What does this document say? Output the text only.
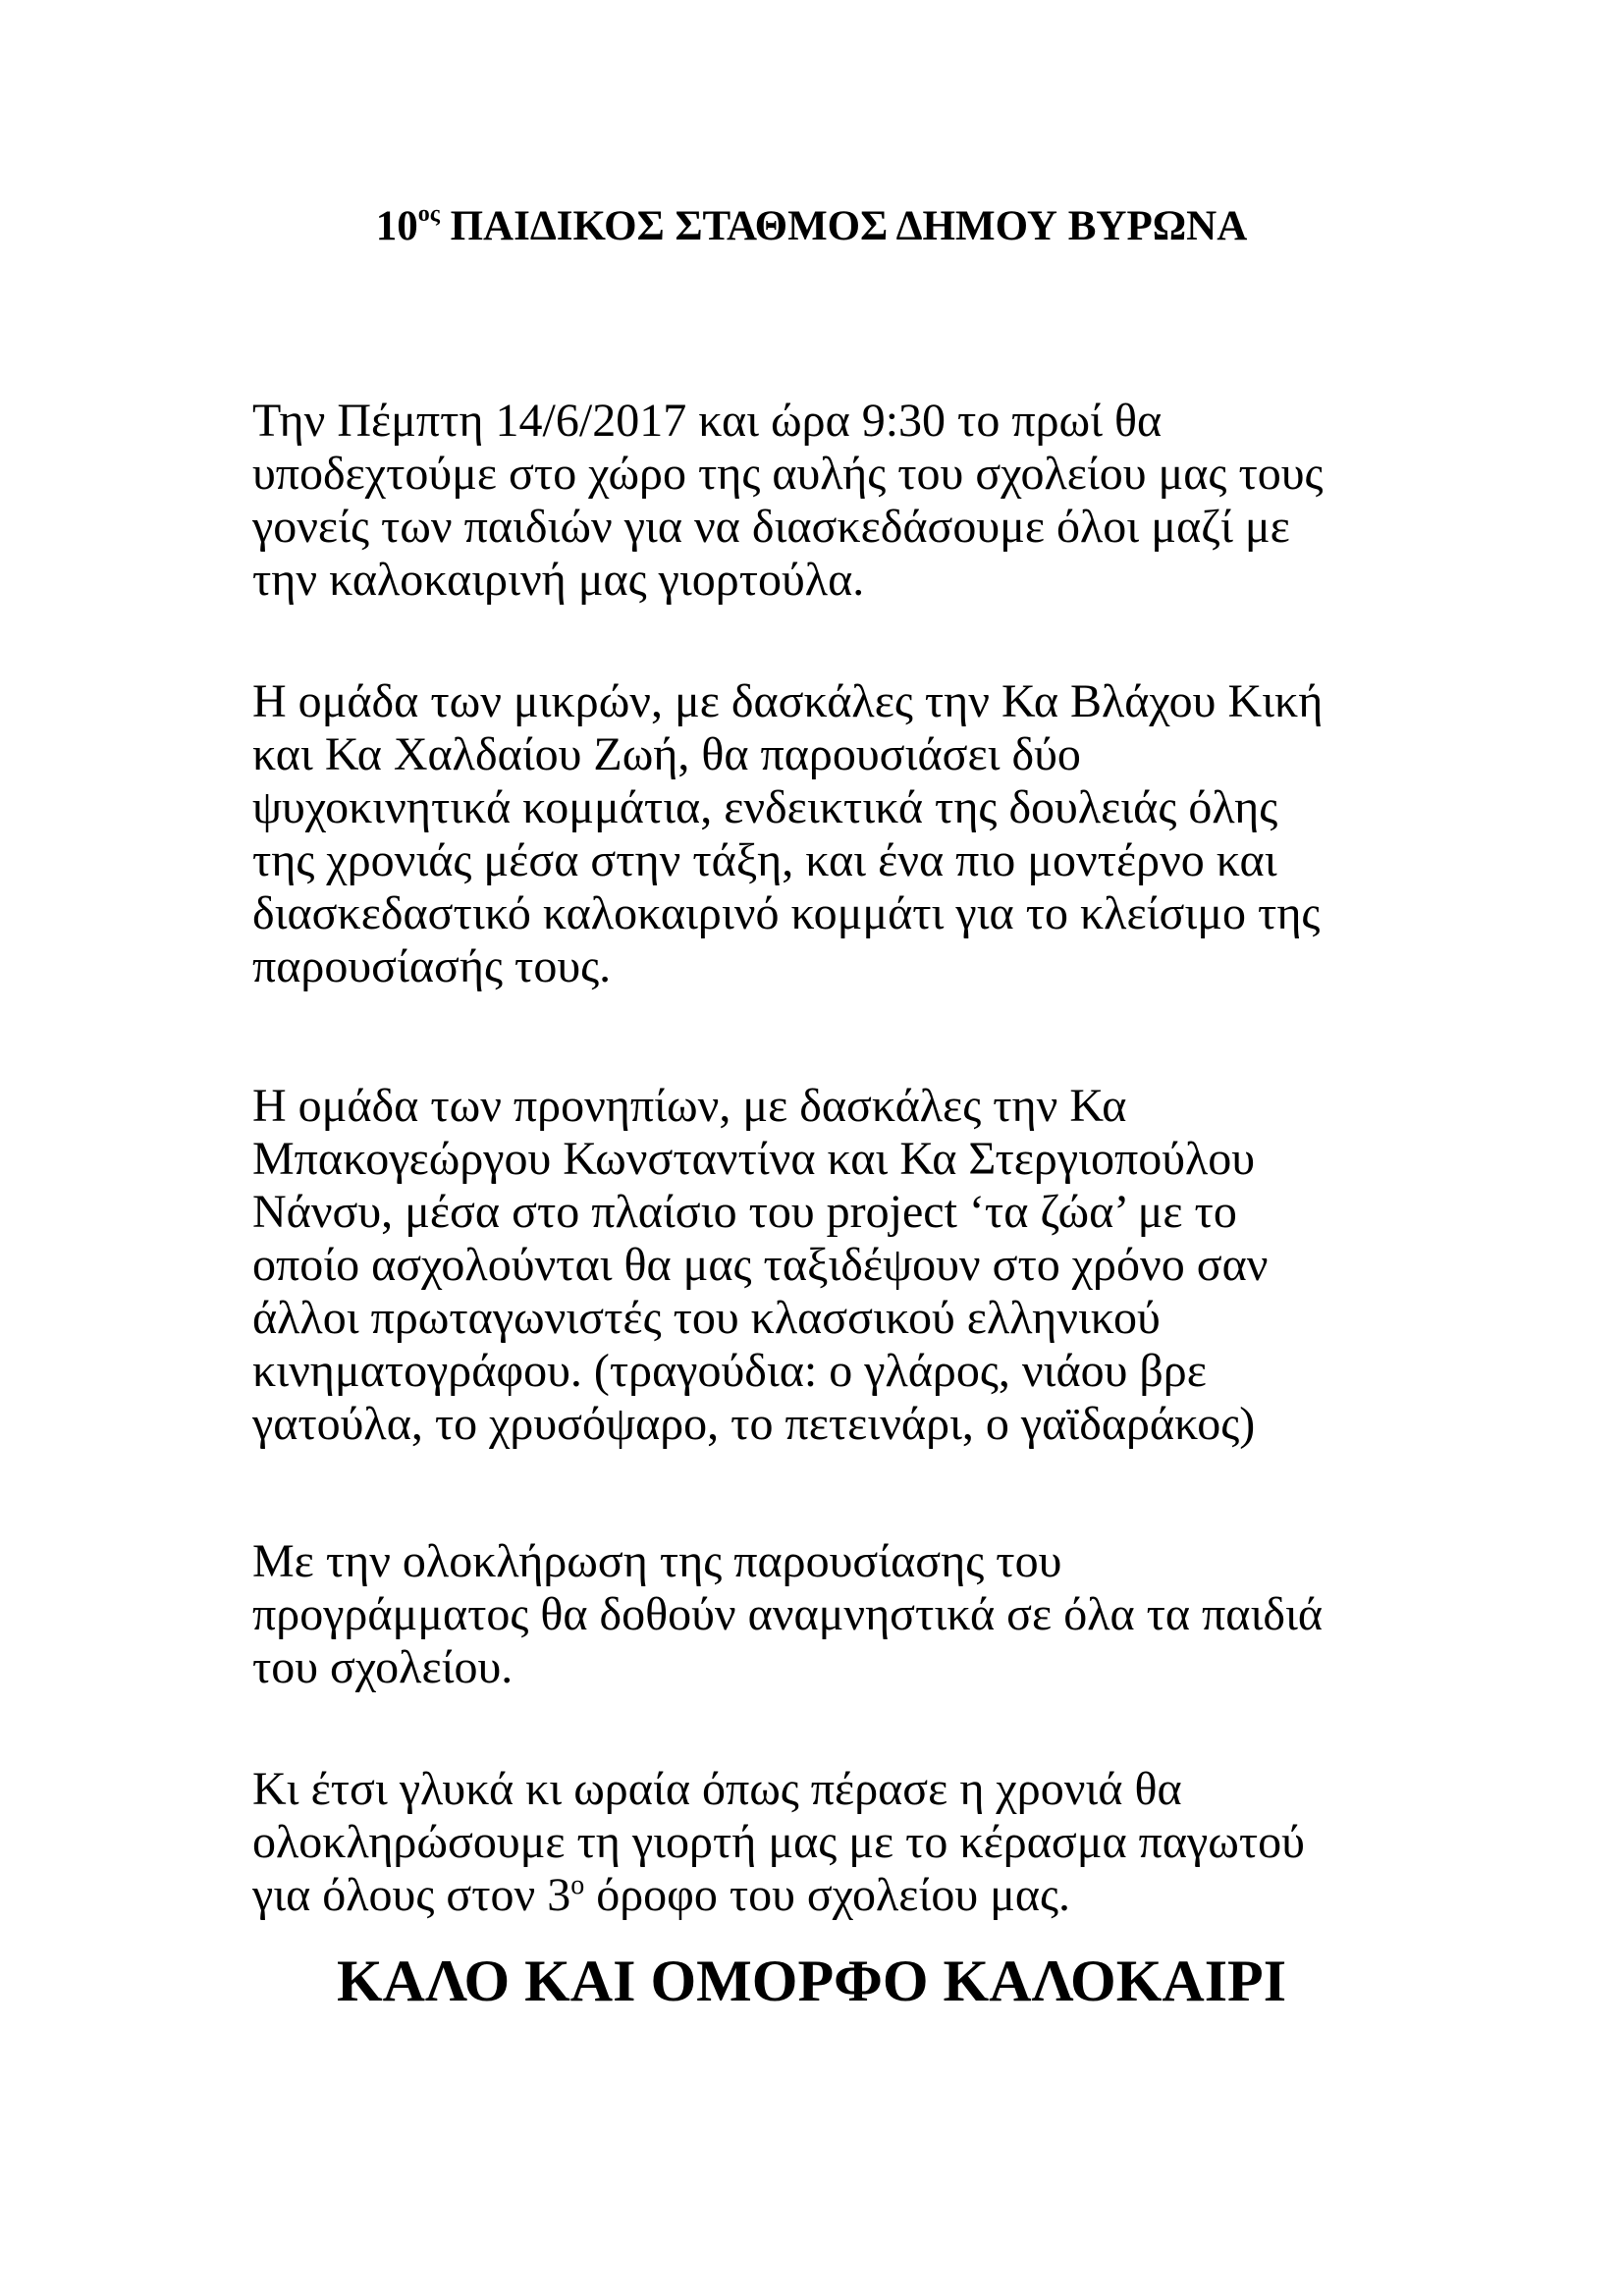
$10^{o\varsigma}$ ΠΑΙΔΙΚΟΣ ΣΤΑΘΜΟΣ ΔΗΜΟΥ ΒΥΡΩΝΑ
Την Πέμπτη 14/6/2017 και ώρα 9:30 το πρωί θα
υποδεχτούμε στο χώρο της αυλής του σχολείου μας τους
γονείς των παιδιών για να διασκεδάσουμε όλοι μαζί με
την καλοκαιρινή μας γιορτούλα.
Η ομάδα των μικρών, με δασκάλες την Κα Βλάχου Κική
και Κα Χαλδαίου Ζωή, θα παρουσιάσει δύο
ψυχοκινητικά κομμάτια, ενδεικτικά της δουλειάς όλης
της χρονιάς μέσα στην τάξη, και ένα πιο μοντέρνο και
διασκεδαστικό καλοκαιρινό κομμάτι για το κλείσιμο της
παρουσίασής τους.
Η ομάδα των προνηπίων, με δασκάλες την Κα
Μπακογεώργου Κωνσταντίνα και Κα Στεργιοπούλου
Νάνσυ, μέσα στο πλαίσιο του project ‘τα ζώα’ με το
οποίο ασχολούνται θα μας ταξιδέψουν στο χρόνο σαν
άλλοι πρωταγωνιστές του κλασσικού ελληνικού
κινηματογράφου. (τραγούδια: ο γλάρος, νιάου βρε
γατούλα, το χρυσόψαρο, το πετεινάρι, ο γαϊδαράκος)
Με την ολοκλήρωση της παρουσίασης του
προγράμματος θα δοθούν αναμνηστικά σε όλα τα παιδιά
του σχολείου.
Κι έτσι γλυκά κι ωραία όπως πέρασε η χρονιά θα
ολοκληρώσουμε τη γιορτή μας με το κέρασμα παγωτού
για όλους στον $3^o$ όροφο του σχολείου μας.
ΚΑΛΟ ΚΑΙ ΟΜΟΡΦΟ ΚΑΛΟΚΑΙΡΙ
